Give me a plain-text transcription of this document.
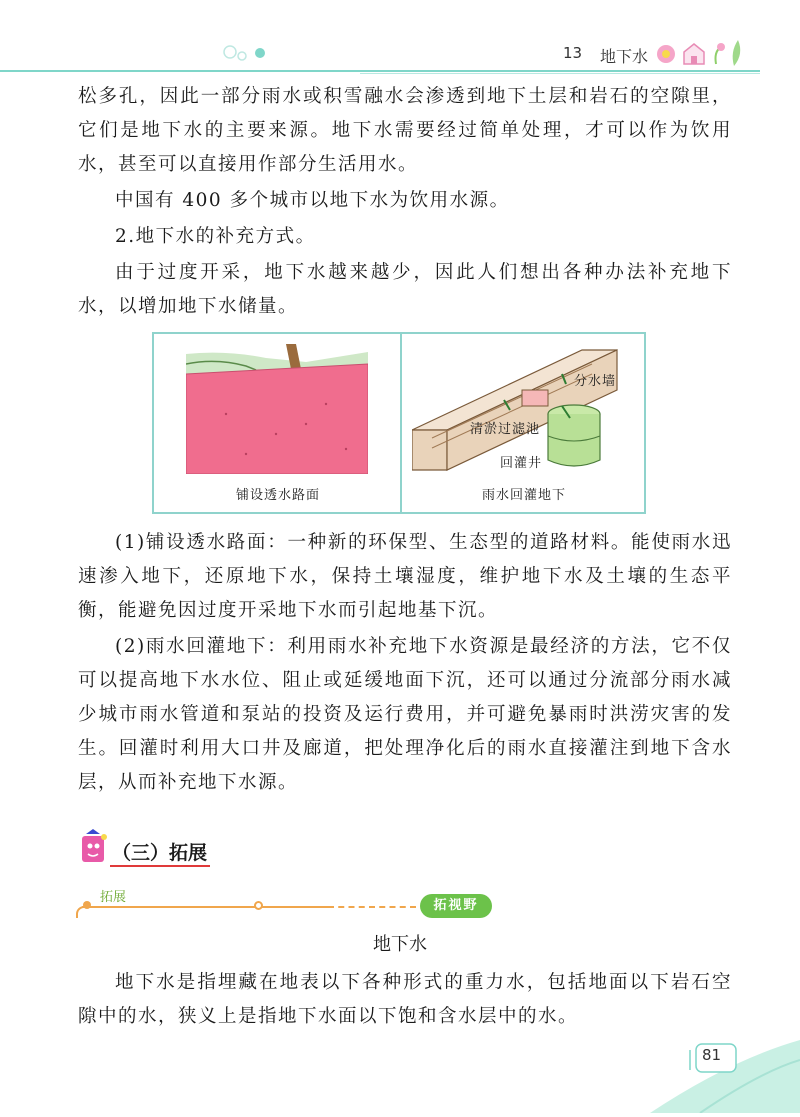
13 地下水

松多孔，因此一部分雨水或积雪融水会渗透到地下土层和岩石的空隙里，它们是地下水的主要来源。地下水需要经过简单处理，才可以作为饮用水，甚至可以直接用作部分生活用水。

中国有 400 多个城市以地下水为饮用水源。

2.地下水的补充方式。

由于过度开采，地下水越来越少，因此人们想出各种办法补充地下水，以增加地下水储量。

分水墙
清淤过滤池
回灌井
铺设透水路面	雨水回灌地下

(1)铺设透水路面：一种新的环保型、生态型的道路材料。能使雨水迅速渗入地下，还原地下水，保持土壤湿度，维护地下水及土壤的生态平衡，能避免因过度开采地下水而引起地基下沉。

(2)雨水回灌地下：利用雨水补充地下水资源是最经济的方法，它不仅可以提高地下水水位、阻止或延缓地面下沉，还可以通过分流部分雨水减少城市雨水管道和泵站的投资及运行费用，并可避免暴雨时洪涝灾害的发生。回灌时利用大口井及廊道，把处理净化后的雨水直接灌注到地下含水层，从而补充地下水源。

（三）拓展
拓展
拓视野
地下水

地下水是指埋藏在地表以下各种形式的重力水，包括地面以下岩石空隙中的水，狭义上是指地下水面以下饱和含水层中的水。

81
